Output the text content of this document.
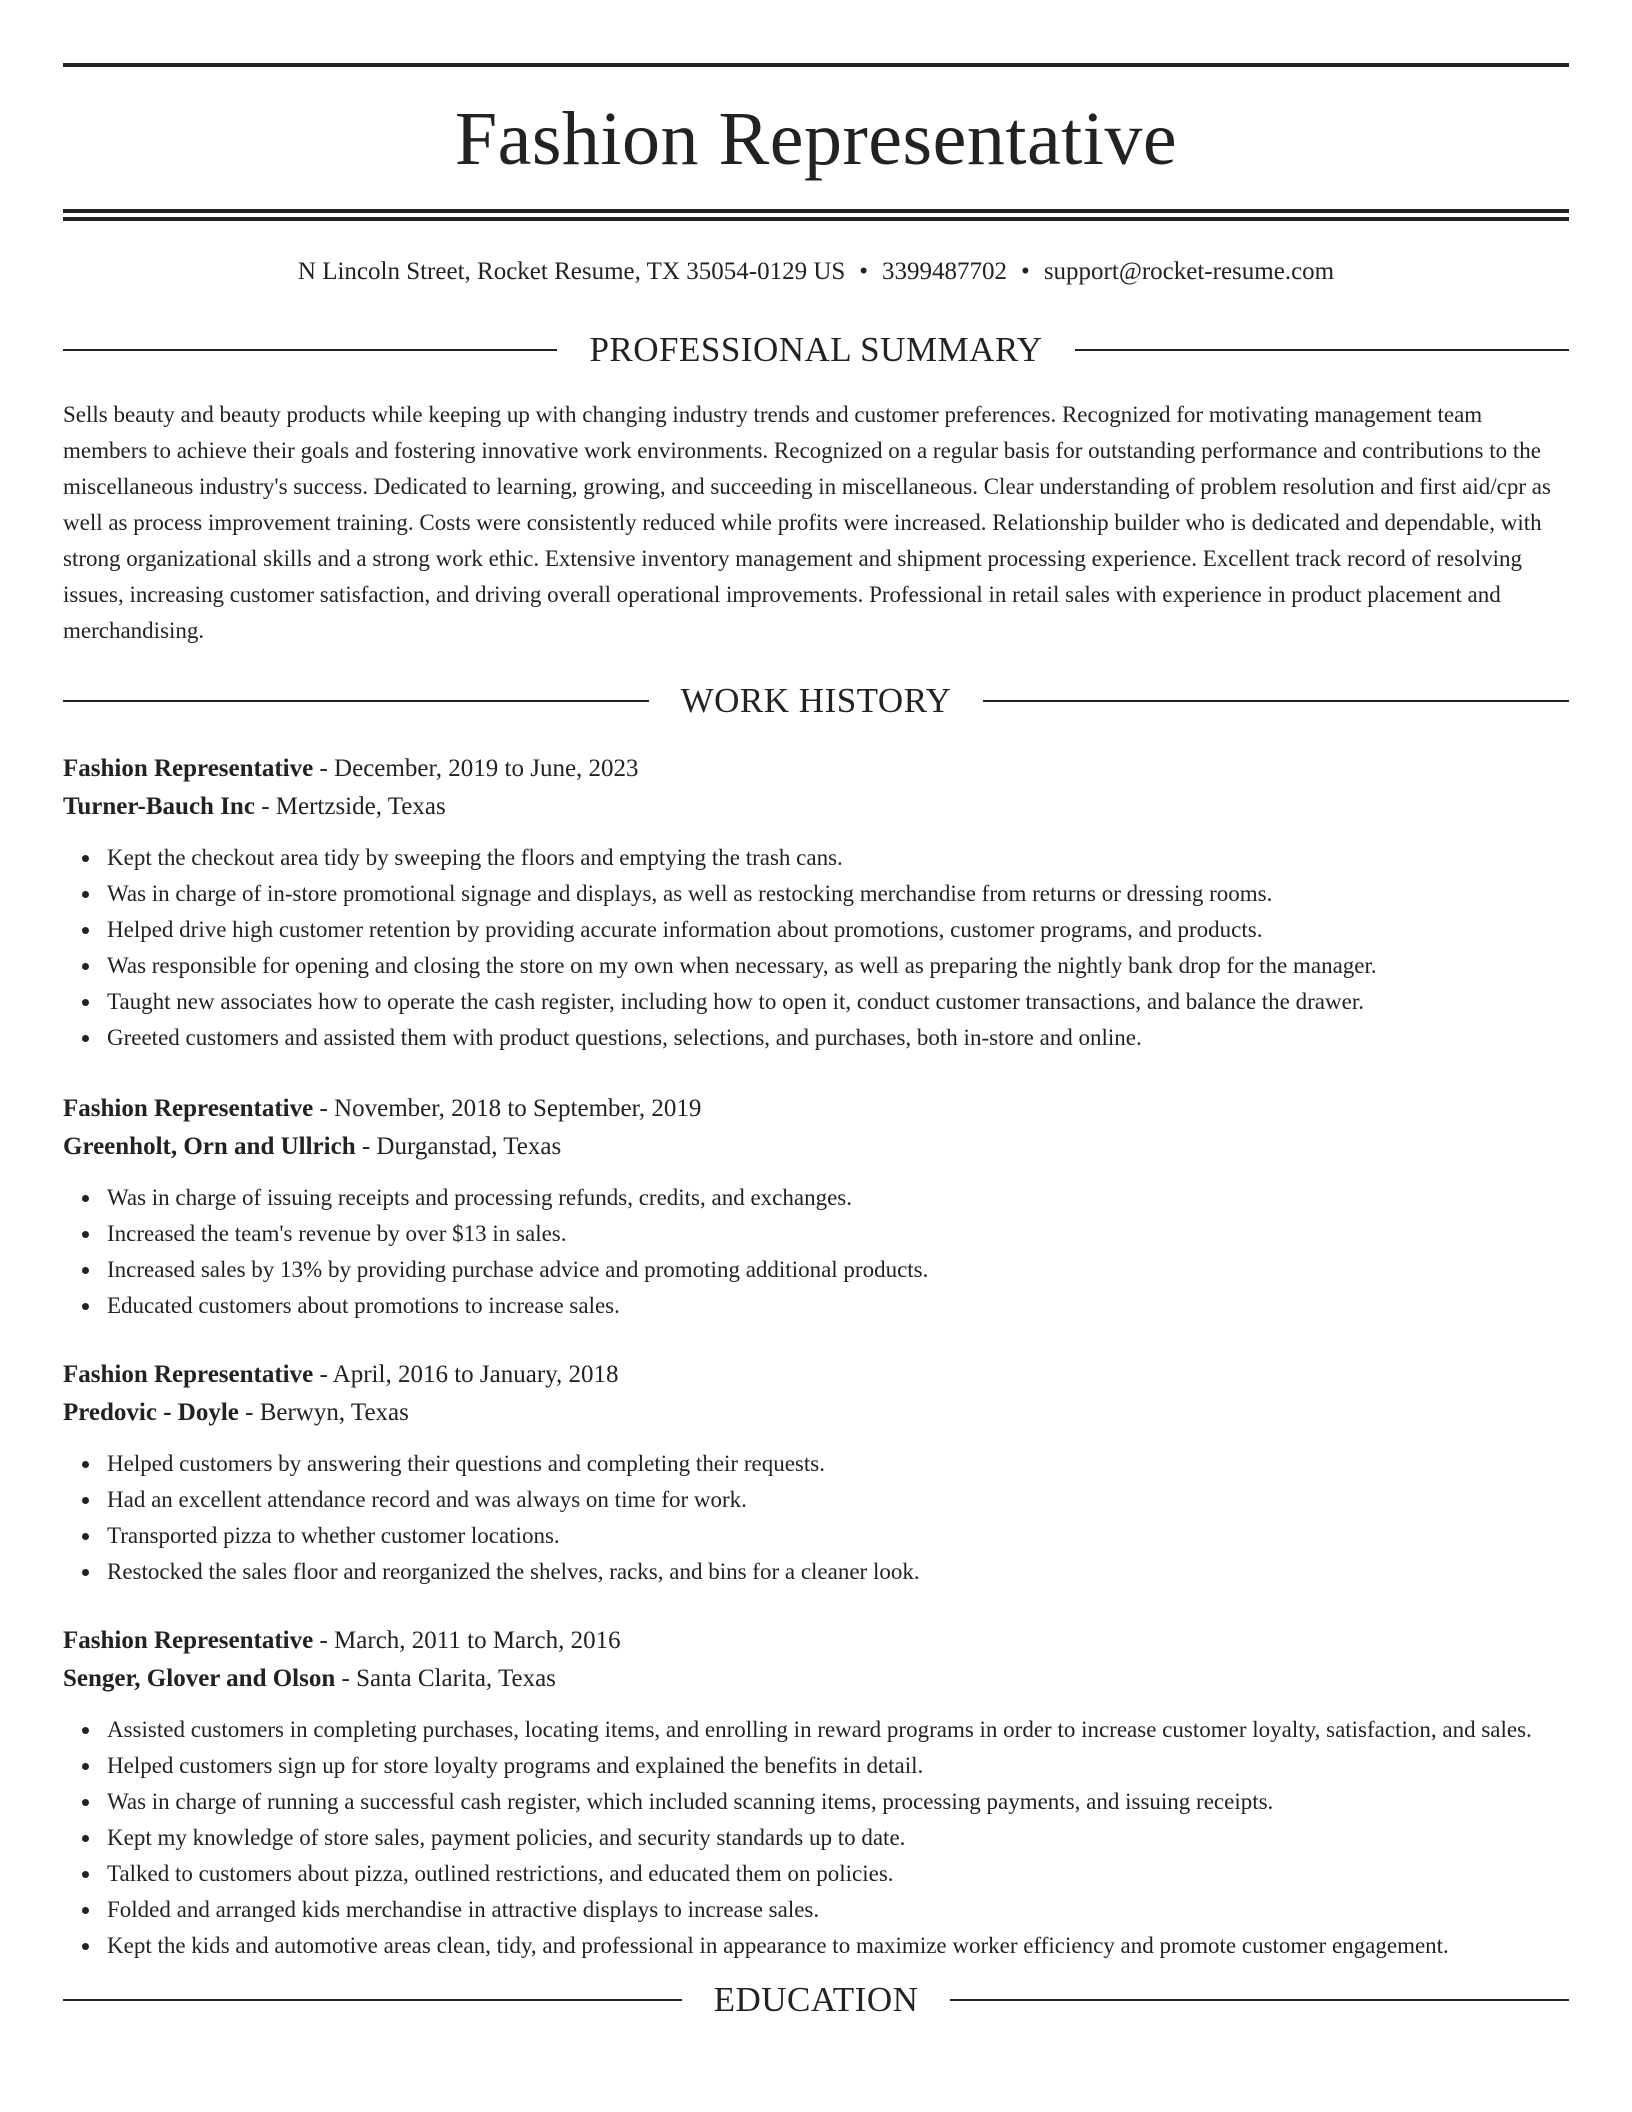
Fashion Representative
N Lincoln Street, Rocket Resume, TX 35054-0129 US • 3399487702 • support@rocket-resume.com
PROFESSIONAL SUMMARY
Sells beauty and beauty products while keeping up with changing industry trends and customer preferences. Recognized for motivating management team members to achieve their goals and fostering innovative work environments. Recognized on a regular basis for outstanding performance and contributions to the miscellaneous industry's success. Dedicated to learning, growing, and succeeding in miscellaneous. Clear understanding of problem resolution and first aid/cpr as well as process improvement training. Costs were consistently reduced while profits were increased. Relationship builder who is dedicated and dependable, with strong organizational skills and a strong work ethic. Extensive inventory management and shipment processing experience. Excellent track record of resolving issues, increasing customer satisfaction, and driving overall operational improvements. Professional in retail sales with experience in product placement and merchandising.
WORK HISTORY
Fashion Representative - December, 2019 to June, 2023
Turner-Bauch Inc - Mertzside, Texas
Kept the checkout area tidy by sweeping the floors and emptying the trash cans.
Was in charge of in-store promotional signage and displays, as well as restocking merchandise from returns or dressing rooms.
Helped drive high customer retention by providing accurate information about promotions, customer programs, and products.
Was responsible for opening and closing the store on my own when necessary, as well as preparing the nightly bank drop for the manager.
Taught new associates how to operate the cash register, including how to open it, conduct customer transactions, and balance the drawer.
Greeted customers and assisted them with product questions, selections, and purchases, both in-store and online.
Fashion Representative - November, 2018 to September, 2019
Greenholt, Orn and Ullrich - Durganstad, Texas
Was in charge of issuing receipts and processing refunds, credits, and exchanges.
Increased the team's revenue by over $13 in sales.
Increased sales by 13% by providing purchase advice and promoting additional products.
Educated customers about promotions to increase sales.
Fashion Representative - April, 2016 to January, 2018
Predovic - Doyle - Berwyn, Texas
Helped customers by answering their questions and completing their requests.
Had an excellent attendance record and was always on time for work.
Transported pizza to whether customer locations.
Restocked the sales floor and reorganized the shelves, racks, and bins for a cleaner look.
Fashion Representative - March, 2011 to March, 2016
Senger, Glover and Olson - Santa Clarita, Texas
Assisted customers in completing purchases, locating items, and enrolling in reward programs in order to increase customer loyalty, satisfaction, and sales.
Helped customers sign up for store loyalty programs and explained the benefits in detail.
Was in charge of running a successful cash register, which included scanning items, processing payments, and issuing receipts.
Kept my knowledge of store sales, payment policies, and security standards up to date.
Talked to customers about pizza, outlined restrictions, and educated them on policies.
Folded and arranged kids merchandise in attractive displays to increase sales.
Kept the kids and automotive areas clean, tidy, and professional in appearance to maximize worker efficiency and promote customer engagement.
EDUCATION
